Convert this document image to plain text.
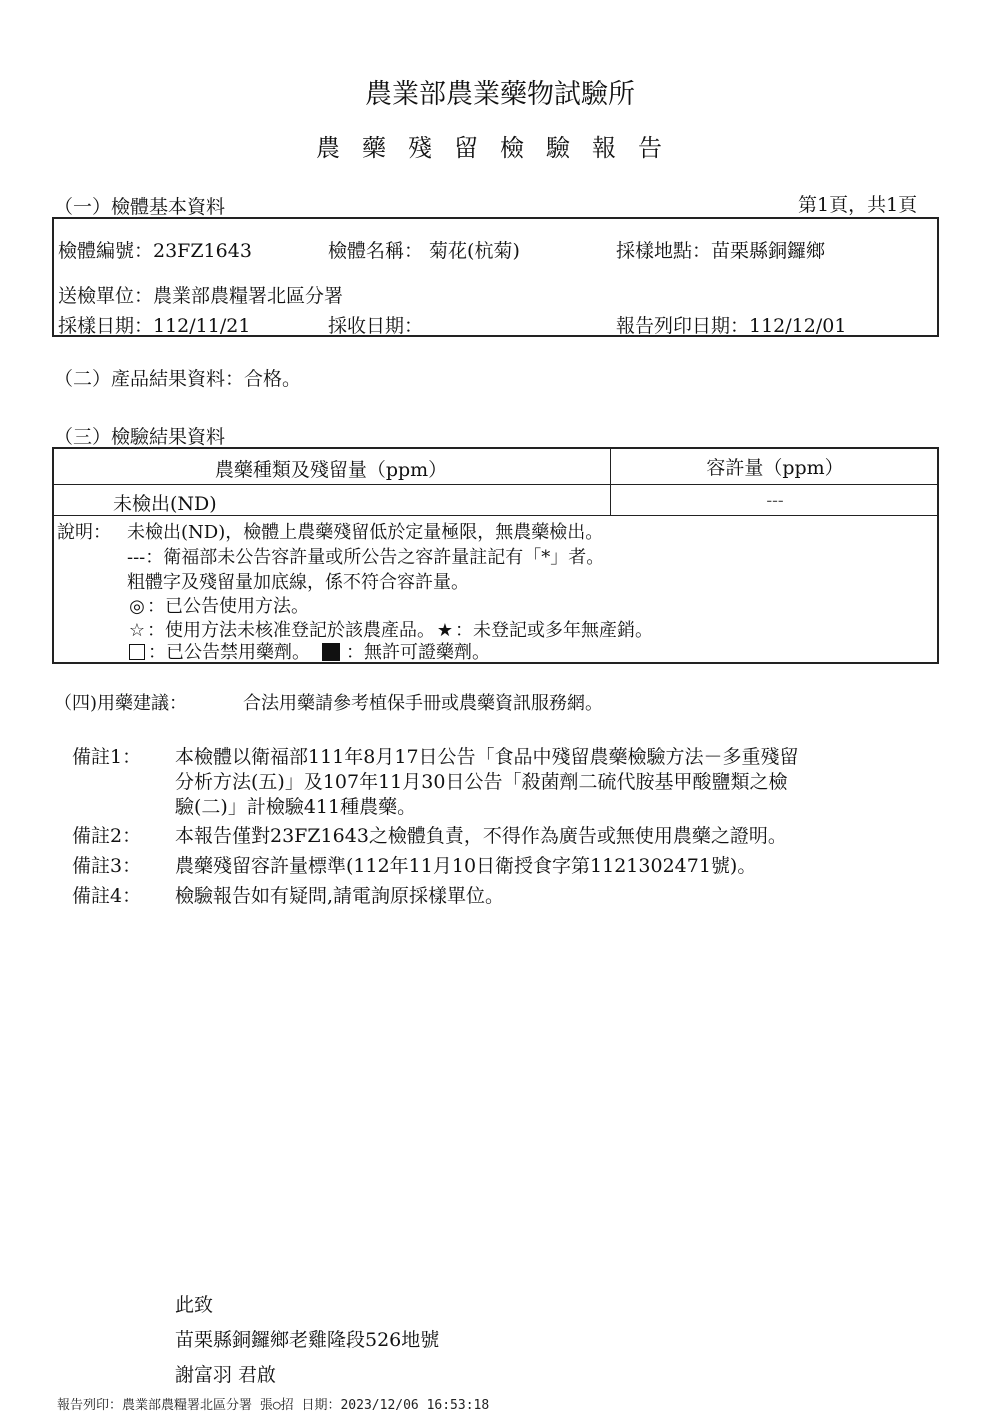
農業部農業藥物試驗所
農藥殘留檢驗報告
（一）檢體基本資料	第1頁，共1頁
檢體編號：23FZ1643	檢體名稱： 菊花(杭菊)	採樣地點：苗栗縣銅鑼鄉
送檢單位：農業部農糧署北區分署
採樣日期：112/11/21	採收日期：	報告列印日期：112/12/01
（二）產品結果資料：合格。
（三）檢驗結果資料
農藥種類及殘留量（ppm）	容許量（ppm）
未檢出(ND)	---
說明： 未檢出(ND)，檢體上農藥殘留低於定量極限，無農藥檢出。
---：衛福部未公告容許量或所公告之容許量註記有「*」者。
粗體字及殘留量加底線，係不符合容許量。
◎ ：已公告使用方法。
☆ ：使用方法未核准登記於該農產品。 ★ ：未登記或多年無產銷。
：已公告禁用藥劑。 ：無許可證藥劑。
（四)用藥建議：	合法用藥請參考植保手冊或農藥資訊服務網。
備註1： 本檢體以衛福部111年8月17日公告「食品中殘留農藥檢驗方法－多重殘留
分析方法(五)」及107年11月30日公告「殺菌劑二硫代胺基甲酸鹽類之檢
驗(二)」計檢驗411種農藥。
備註2： 本報告僅對23FZ1643之檢體負責，不得作為廣告或無使用農藥之證明。
備註3： 農藥殘留容許量標準(112年11月10日衛授食字第1121302471號)。
備註4： 檢驗報告如有疑問,請電詢原採樣單位。
此致
苗栗縣銅鑼鄉老雞隆段526地號
謝富羽 君啟
報告列印：農業部農糧署北區分署 張○招 日期：2023/12/06 16:53:18
